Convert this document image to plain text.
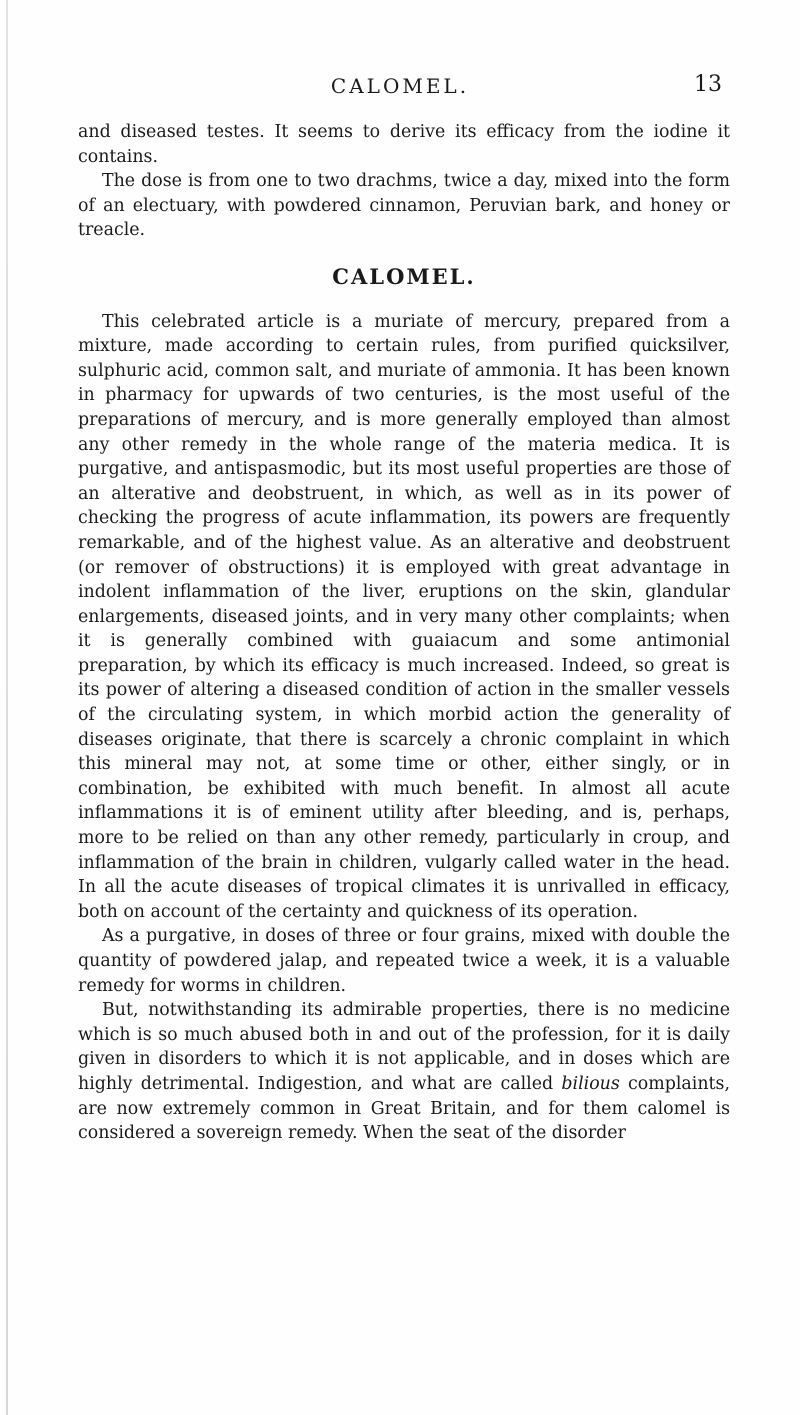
CALOMEL.	13

and diseased testes. It seems to derive its efficacy from the iodine it contains.

The dose is from one to two drachms, twice a day, mixed into the form of an electuary, with powdered cinnamon, Peruvian bark, and honey or treacle.

CALOMEL.

This celebrated article is a muriate of mercury, prepared from a mixture, made according to certain rules, from purified quicksilver, sulphuric acid, common salt, and muriate of ammonia. It has been known in pharmacy for upwards of two centuries, is the most useful of the preparations of mercury, and is more generally employed than almost any other remedy in the whole range of the materia medica. It is purgative, and antispasmodic, but its most useful properties are those of an alterative and deobstruent, in which, as well as in its power of checking the progress of acute inflammation, its powers are frequently remarkable, and of the highest value. As an alterative and deobstruent (or remover of obstructions) it is employed with great advantage in indolent inflammation of the liver, eruptions on the skin, glandular enlargements, diseased joints, and in very many other complaints; when it is generally combined with guaiacum and some antimonial preparation, by which its efficacy is much increased. Indeed, so great is its power of altering a diseased condition of action in the smaller vessels of the circulating system, in which morbid action the generality of diseases originate, that there is scarcely a chronic complaint in which this mineral may not, at some time or other, either singly, or in combination, be exhibited with much benefit. In almost all acute inflammations it is of eminent utility after bleeding, and is, perhaps, more to be relied on than any other remedy, particularly in croup, and inflammation of the brain in children, vulgarly called water in the head. In all the acute diseases of tropical climates it is unrivalled in efficacy, both on account of the certainty and quickness of its operation.

As a purgative, in doses of three or four grains, mixed with double the quantity of powdered jalap, and repeated twice a week, it is a valuable remedy for worms in children.

But, notwithstanding its admirable properties, there is no medicine which is so much abused both in and out of the profession, for it is daily given in disorders to which it is not applicable, and in doses which are highly detrimental. Indigestion, and what are called bilious complaints, are now extremely common in Great Britain, and for them calomel is considered a sovereign remedy. When the seat of the disorder
